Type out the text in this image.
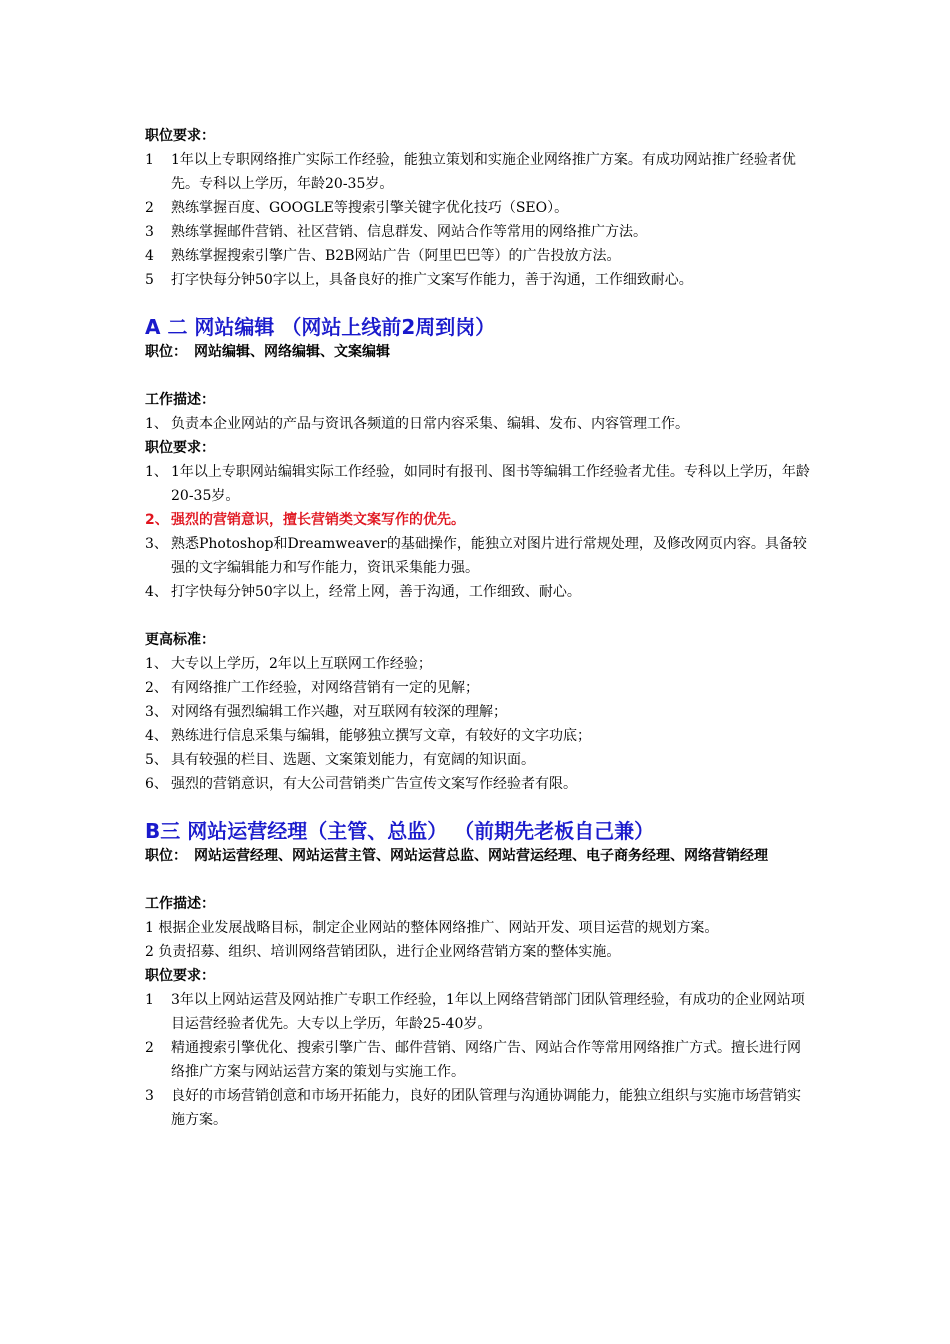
职位要求：
1	1年以上专职网络推广实际工作经验，能独立策划和实施企业网络推广方案。有成功网站推广经验者优先。专科以上学历，年龄20-35岁。
2	熟练掌握百度、GOOGLE等搜索引擎关键字优化技巧（SEO）。
3	熟练掌握邮件营销、社区营销、信息群发、网站合作等常用的网络推广方法。
4	熟练掌握搜索引擎广告、B2B网站广告（阿里巴巴等）的广告投放方法。
5	打字快每分钟50字以上，具备良好的推广文案写作能力，善于沟通，工作细致耐心。
A 二 网站编辑 （网站上线前2周到岗）
职位： 网站编辑、网络编辑、文案编辑
工作描述：
1、 负责本企业网站的产品与资讯各频道的日常内容采集、编辑、发布、内容管理工作。
职位要求：
1、 1年以上专职网站编辑实际工作经验，如同时有报刊、图书等编辑工作经验者尤佳。专科以上学历，年龄20-35岁。
2、 强烈的营销意识，擅长营销类文案写作的优先。
3、 熟悉Photoshop和Dreamweaver的基础操作，能独立对图片进行常规处理，及修改网页内容。具备较强的文字编辑能力和写作能力，资讯采集能力强。
4、 打字快每分钟50字以上，经常上网，善于沟通，工作细致、耐心。
更高标准：
1、 大专以上学历，2年以上互联网工作经验；
2、 有网络推广工作经验，对网络营销有一定的见解；
3、 对网络有强烈编辑工作兴趣，对互联网有较深的理解；
4、 熟练进行信息采集与编辑，能够独立撰写文章，有较好的文字功底；
5、 具有较强的栏目、选题、文案策划能力，有宽阔的知识面。
6、 强烈的营销意识，有大公司营销类广告宣传文案写作经验者有限。
B三 网站运营经理（主管、总监） （前期先老板自己兼）
职位： 网站运营经理、网站运营主管、网站运营总监、网站营运经理、电子商务经理、网络营销经理
工作描述：
1 根据企业发展战略目标，制定企业网站的整体网络推广、网站开发、项目运营的规划方案。
2 负责招募、组织、培训网络营销团队，进行企业网络营销方案的整体实施。
职位要求：
1	3年以上网站运营及网站推广专职工作经验，1年以上网络营销部门团队管理经验，有成功的企业网站项目运营经验者优先。大专以上学历，年龄25-40岁。
2	精通搜索引擎优化、搜索引擎广告、邮件营销、网络广告、网站合作等常用网络推广方式。擅长进行网络推广方案与网站运营方案的策划与实施工作。
3	良好的市场营销创意和市场开拓能力，良好的团队管理与沟通协调能力，能独立组织与实施市场营销实施方案。
